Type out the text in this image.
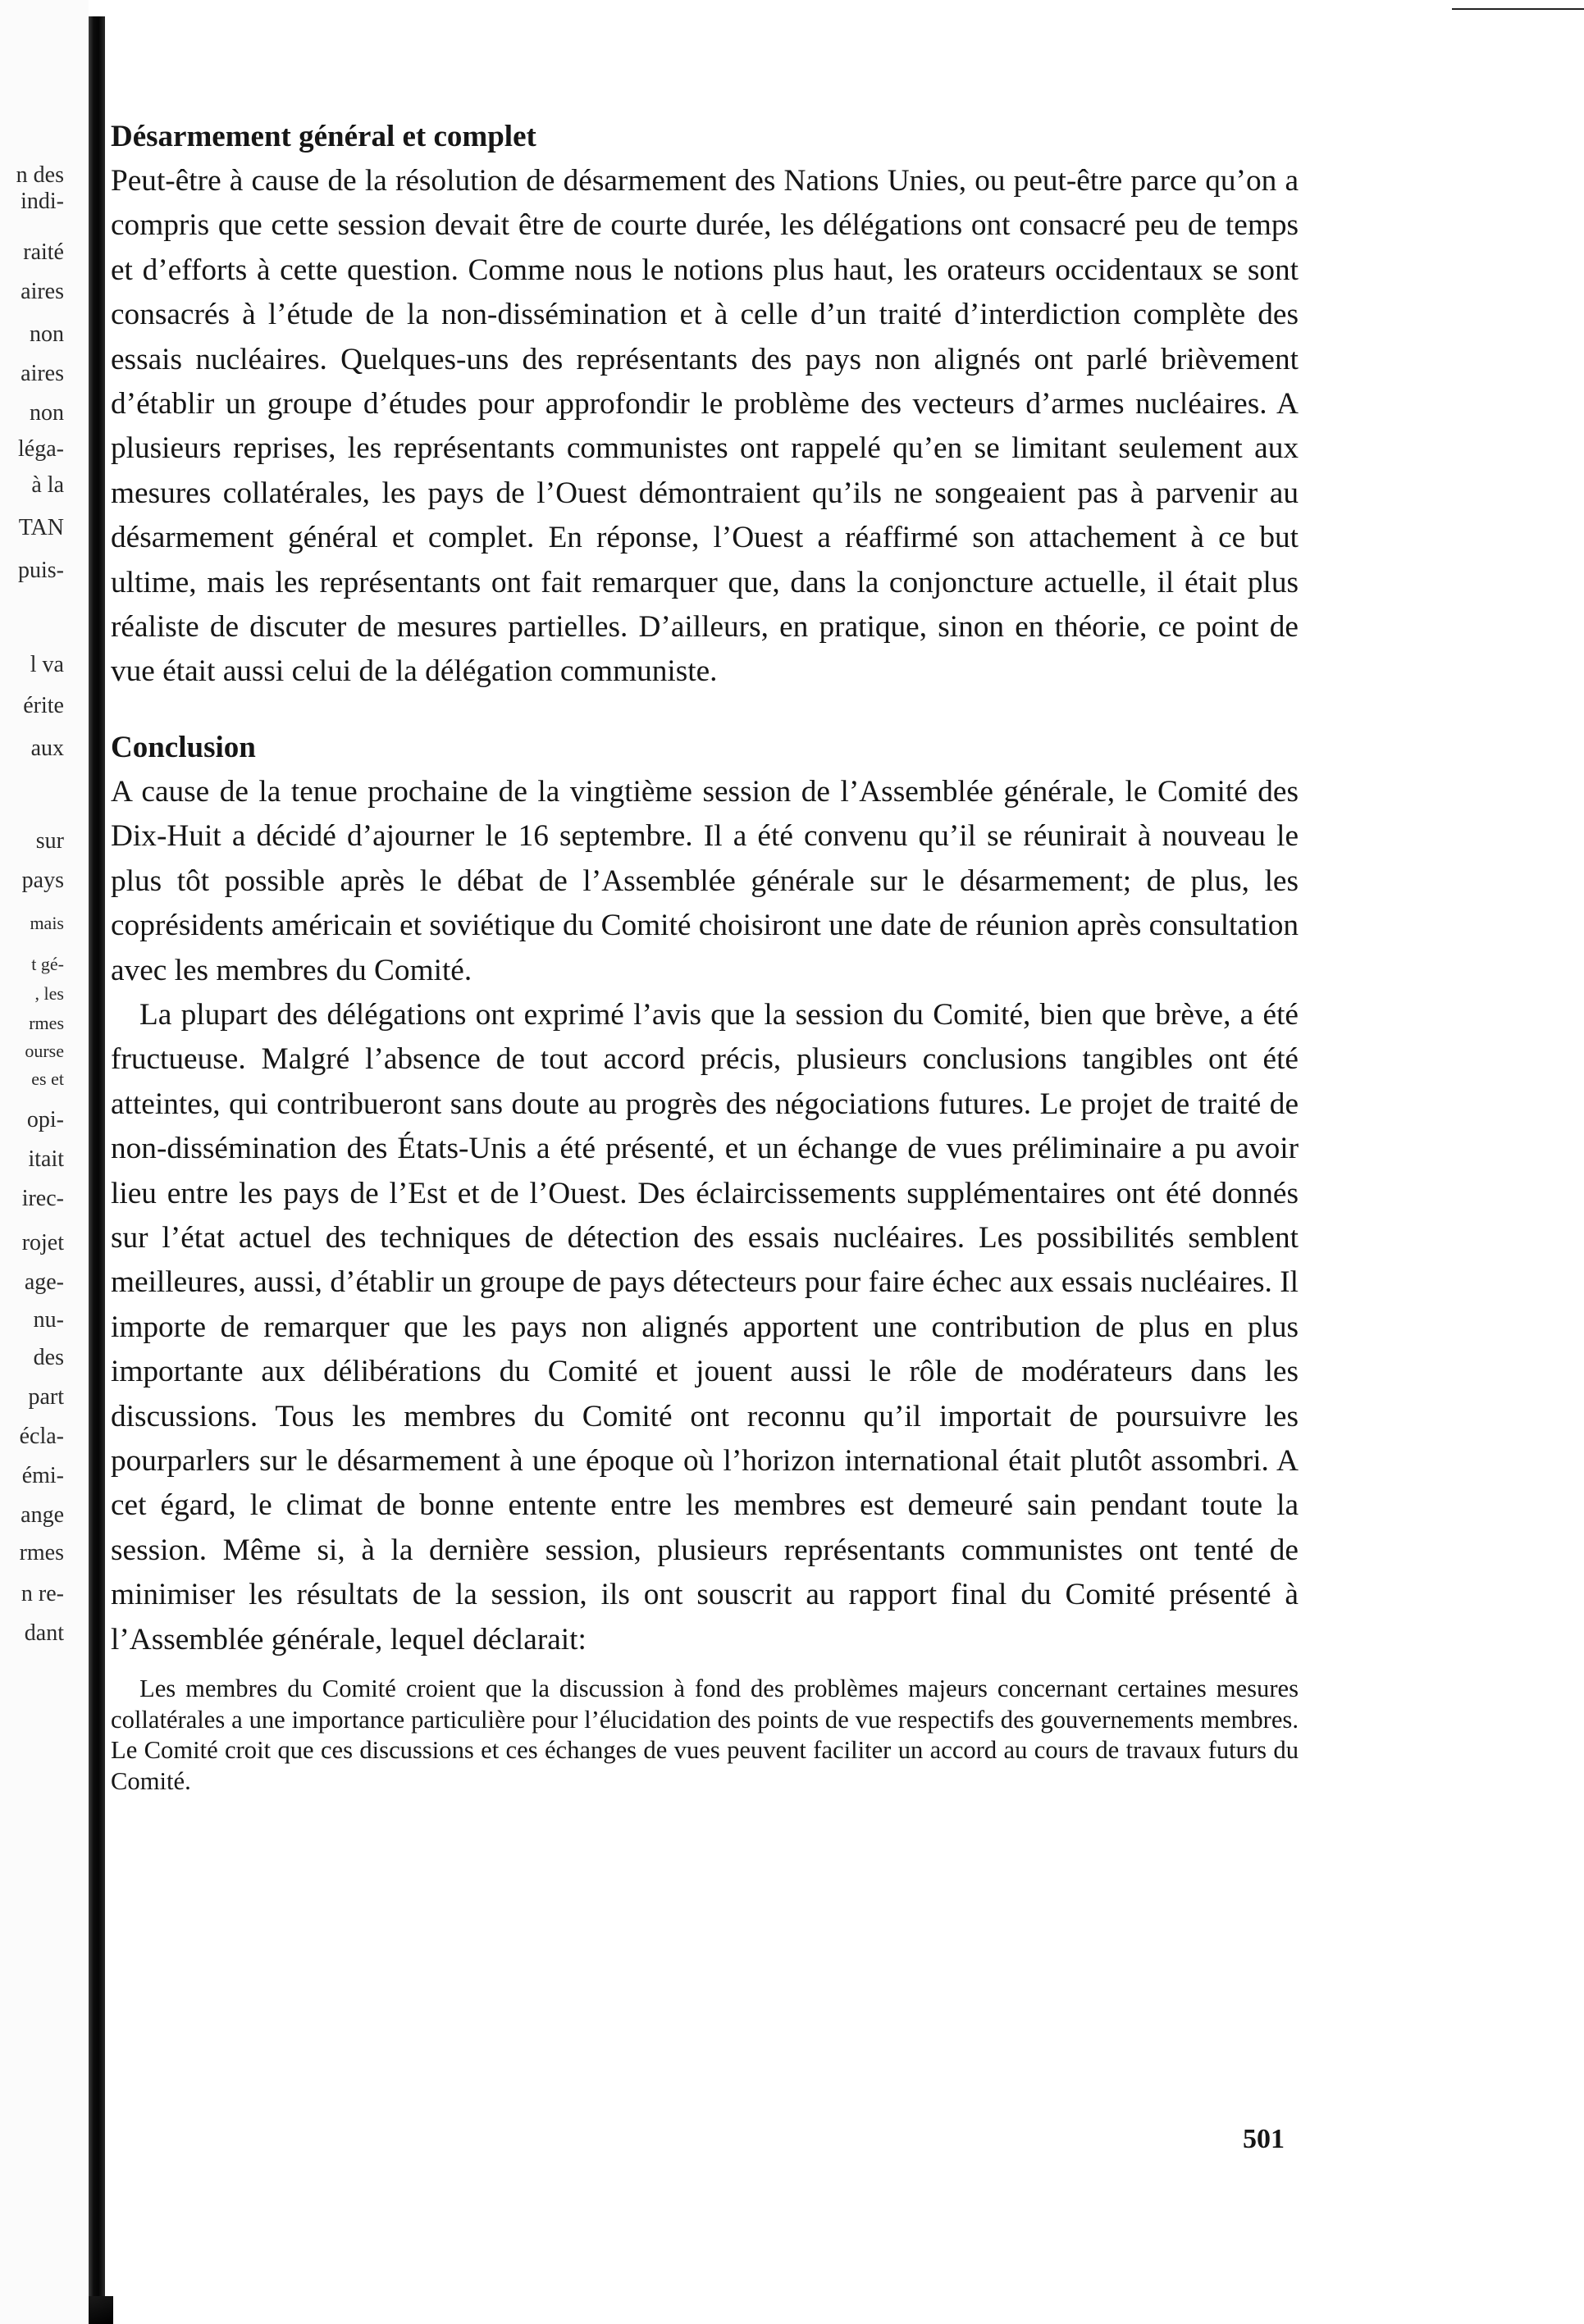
n des

indi-

raité

aires

non

aires

non

léga-

à la

TAN

puis-

l va

érite

aux

sur

pays

mais

t gé-

, les

rmes

ourse

es et

opi-

itait

irec-

rojet

age-

nu-

des

part

écla-

émi-

ange

rmes

n re-

dant

Désarmement général et complet

Peut-être à cause de la résolution de désarmement des Nations Unies, ou peut-être parce qu’on a compris que cette session devait être de courte durée, les délégations ont consacré peu de temps et d’efforts à cette question. Comme nous le notions plus haut, les orateurs occidentaux se sont consacrés à l’étude de la non-dissémination et à celle d’un traité d’interdiction complète des essais nucléaires. Quelques-uns des représentants des pays non alignés ont parlé brièvement d’établir un groupe d’études pour approfondir le problème des vecteurs d’armes nucléaires. A plusieurs reprises, les représentants communistes ont rappelé qu’en se limitant seulement aux mesures collatérales, les pays de l’Ouest démontraient qu’ils ne songeaient pas à parvenir au désarmement général et complet. En réponse, l’Ouest a réaffirmé son attachement à ce but ultime, mais les représentants ont fait remarquer que, dans la conjoncture actuelle, il était plus réaliste de discuter de mesures partielles. D’ailleurs, en pratique, sinon en théorie, ce point de vue était aussi celui de la délégation communiste.

Conclusion

A cause de la tenue prochaine de la vingtième session de l’Assemblée générale, le Comité des Dix-Huit a décidé d’ajourner le 16 septembre. Il a été convenu qu’il se réunirait à nouveau le plus tôt possible après le débat de l’Assemblée générale sur le désarmement; de plus, les coprésidents américain et soviétique du Comité choisiront une date de réunion après consultation avec les membres du Comité.

La plupart des délégations ont exprimé l’avis que la session du Comité, bien que brève, a été fructueuse. Malgré l’absence de tout accord précis, plusieurs conclusions tangibles ont été atteintes, qui contribueront sans doute au progrès des négociations futures. Le projet de traité de non-dissémination des États-Unis a été présenté, et un échange de vues préliminaire a pu avoir lieu entre les pays de l’Est et de l’Ouest. Des éclaircissements supplémentaires ont été donnés sur l’état actuel des techniques de détection des essais nucléaires. Les possibilités semblent meilleures, aussi, d’établir un groupe de pays détecteurs pour faire échec aux essais nucléaires. Il importe de remarquer que les pays non alignés apportent une contribution de plus en plus importante aux délibérations du Comité et jouent aussi le rôle de modérateurs dans les discussions. Tous les membres du Comité ont reconnu qu’il importait de poursuivre les pourparlers sur le désarmement à une époque où l’horizon international était plutôt assombri. A cet égard, le climat de bonne entente entre les membres est demeuré sain pendant toute la session. Même si, à la dernière session, plusieurs représentants communistes ont tenté de minimiser les résultats de la session, ils ont souscrit au rapport final du Comité présenté à l’Assemblée générale, lequel déclarait:

Les membres du Comité croient que la discussion à fond des problèmes majeurs concernant certaines mesures collatérales a une importance particulière pour l’élucidation des points de vue respectifs des gouvernements membres. Le Comité croit que ces discussions et ces échanges de vues peuvent faciliter un accord au cours de travaux futurs du Comité.

501
